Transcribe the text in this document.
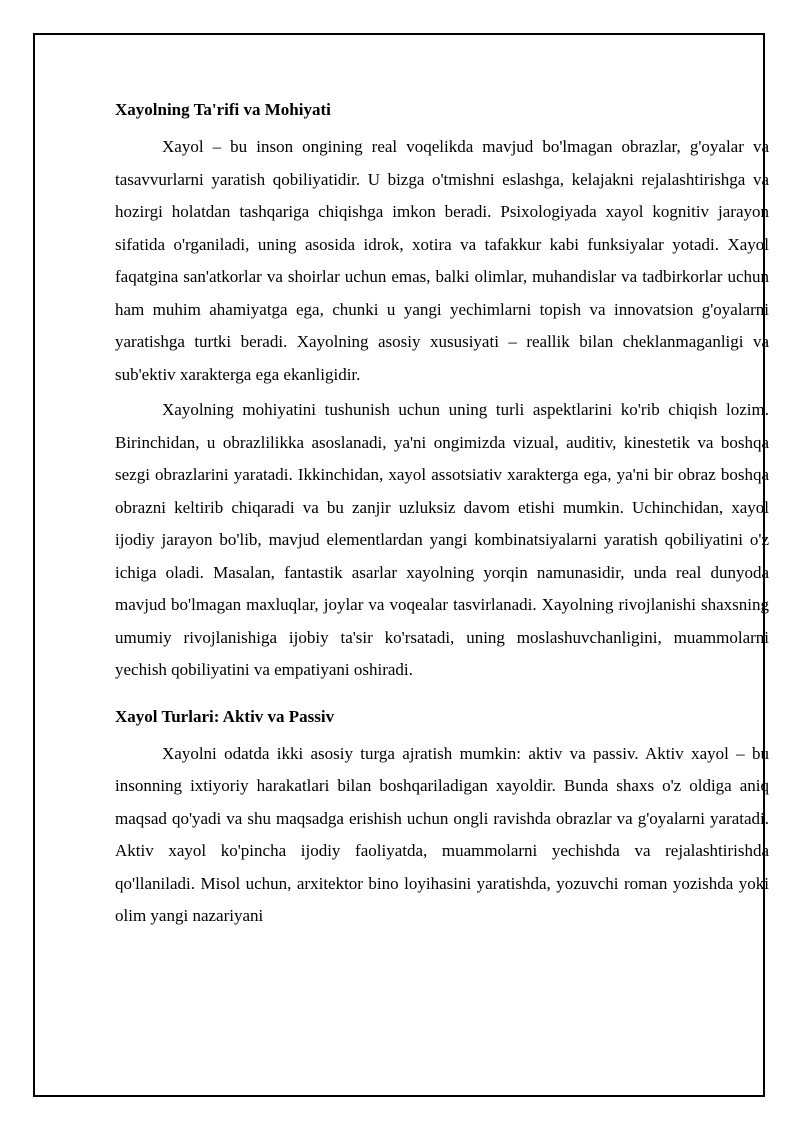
Xayolning Ta'rifi va Mohiyati

Xayol – bu inson ongining real voqelikda mavjud bo'lmagan obrazlar, g'oyalar va tasavvurlarni yaratish qobiliyatidir. U bizga o'tmishni eslashga, kelajakni rejalashtirishga va hozirgi holatdan tashqariga chiqishga imkon beradi. Psixologiyada xayol kognitiv jarayon sifatida o'rganiladi, uning asosida idrok, xotira va tafakkur kabi funksiyalar yotadi. Xayol faqatgina san'atkorlar va shoirlar uchun emas, balki olimlar, muhandislar va tadbirkorlar uchun ham muhim ahamiyatga ega, chunki u yangi yechimlarni topish va innovatsion g'oyalarni yaratishga turtki beradi. Xayolning asosiy xususiyati – reallik bilan cheklanmaganligi va sub'ektiv xarakterga ega ekanligidir.

Xayolning mohiyatini tushunish uchun uning turli aspektlarini ko'rib chiqish lozim. Birinchidan, u obrazlilikka asoslanadi, ya'ni ongimizda vizual, auditiv, kinestetik va boshqa sezgi obrazlarini yaratadi. Ikkinchidan, xayol assotsiativ xarakterga ega, ya'ni bir obraz boshqa obrazni keltirib chiqaradi va bu zanjir uzluksiz davom etishi mumkin. Uchinchidan, xayol ijodiy jarayon bo'lib, mavjud elementlardan yangi kombinatsiyalarni yaratish qobiliyatini o'z ichiga oladi. Masalan, fantastik asarlar xayolning yorqin namunasidir, unda real dunyoda mavjud bo'lmagan maxluqlar, joylar va voqealar tasvirlanadi. Xayolning rivojlanishi shaxsning umumiy rivojlanishiga ijobiy ta'sir ko'rsatadi, uning moslashuvchanligini, muammolarni yechish qobiliyatini va empatiyani oshiradi.

Xayol Turlari: Aktiv va Passiv

Xayolni odatda ikki asosiy turga ajratish mumkin: aktiv va passiv. Aktiv xayol – bu insonning ixtiyoriy harakatlari bilan boshqariladigan xayoldir. Bunda shaxs o'z oldiga aniq maqsad qo'yadi va shu maqsadga erishish uchun ongli ravishda obrazlar va g'oyalarni yaratadi. Aktiv xayol ko'pincha ijodiy faoliyatda, muammolarni yechishda va rejalashtirishda qo'llaniladi. Misol uchun, arxitektor bino loyihasini yaratishda, yozuvchi roman yozishda yoki olim yangi nazariyani
